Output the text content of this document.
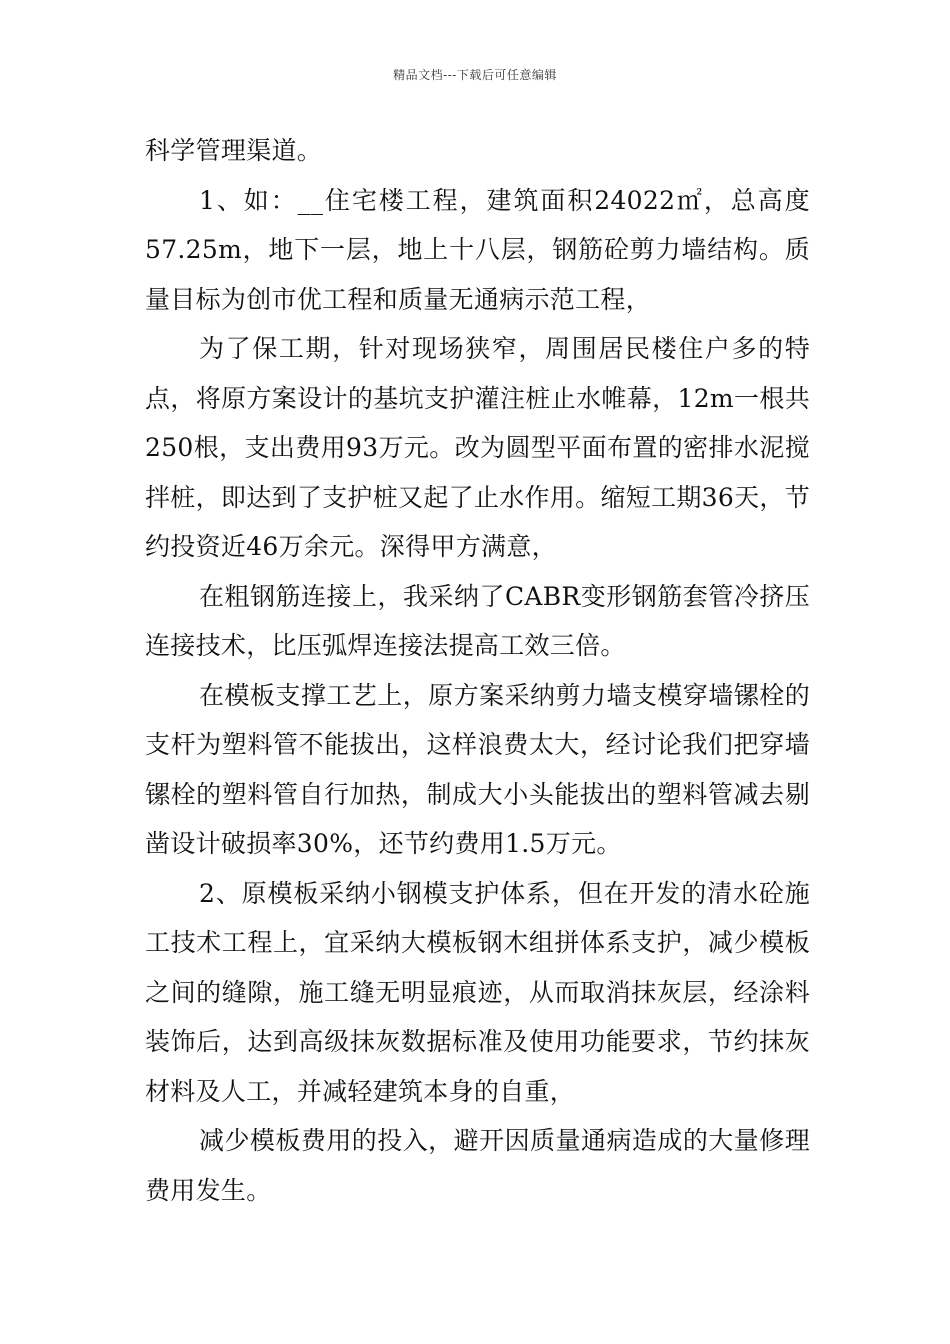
精品文档---下载后可任意编辑

科学管理渠道。

1、如：__住宅楼工程，建筑面积24022㎡，总高度57.25m，地下一层，地上十八层，钢筋砼剪力墙结构。质量目标为创市优工程和质量无通病示范工程，

为了保工期，针对现场狭窄，周围居民楼住户多的特点，将原方案设计的基坑支护灌注桩止水帷幕，12m一根共250根，支出费用93万元。改为圆型平面布置的密排水泥搅拌桩，即达到了支护桩又起了止水作用。缩短工期36天，节约投资近46万余元。深得甲方满意，

在粗钢筋连接上，我采纳了CABR变形钢筋套管冷挤压连接技术，比压弧焊连接法提高工效三倍。

在模板支撑工艺上，原方案采纳剪力墙支模穿墙镙栓的支杆为塑料管不能拔出，这样浪费太大，经讨论我们把穿墙镙栓的塑料管自行加热，制成大小头能拔出的塑料管减去剔凿设计破损率30%，还节约费用1.5万元。

2、原模板采纳小钢模支护体系，但在开发的清水砼施工技术工程上，宜采纳大模板钢木组拼体系支护，减少模板之间的缝隙，施工缝无明显痕迹，从而取消抹灰层，经涂料装饰后，达到高级抹灰数据标准及使用功能要求，节约抹灰材料及人工，并减轻建筑本身的自重，

减少模板费用的投入，避开因质量通病造成的大量修理费用发生。
